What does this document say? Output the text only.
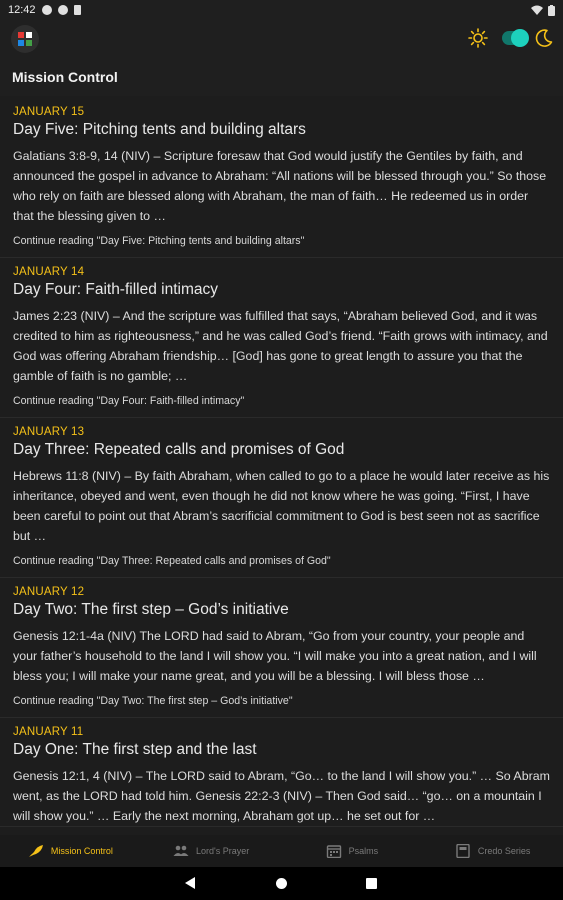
12:42
Mission Control
JANUARY 15
Day Five: Pitching tents and building altars
Galatians 3:8-9, 14 (NIV) – Scripture foresaw that God would justify the Gentiles by faith, and announced the gospel in advance to Abraham: “All nations will be blessed through you.” So those who rely on faith are blessed along with Abraham, the man of faith… He redeemed us in order that the blessing given to …
Continue reading "Day Five: Pitching tents and building altars"
JANUARY 14
Day Four: Faith-filled intimacy
James 2:23 (NIV) – And the scripture was fulfilled that says, “Abraham believed God, and it was credited to him as righteousness,” and he was called God’s friend. “Faith grows with intimacy, and God was offering Abraham friendship… [God] has gone to great length to assure you that the gamble of faith is no gamble; …
Continue reading "Day Four: Faith-filled intimacy"
JANUARY 13
Day Three: Repeated calls and promises of God
Hebrews 11:8 (NIV) – By faith Abraham, when called to go to a place he would later receive as his inheritance, obeyed and went, even though he did not know where he was going. “First, I have been careful to point out that Abram’s sacrificial commitment to God is best seen not as sacrifice but …
Continue reading "Day Three: Repeated calls and promises of God"
JANUARY 12
Day Two: The first step – God’s initiative
Genesis 12:1-4a (NIV) The LORD had said to Abram, “Go from your country, your people and your father’s household to the land I will show you. “I will make you into a great nation, and I will bless you; I will make your name great, and you will be a blessing. I will bless those …
Continue reading "Day Two: The first step – God’s initiative"
JANUARY 11
Day One: The first step and the last
Genesis 12:1, 4 (NIV) – The LORD said to Abram, “Go… to the land I will show you.” … So Abram went, as the LORD had told him. Genesis 22:2-3 (NIV) – Then God said… “go… on a mountain I will show you.” … Early the next morning, Abraham got up… he set out for …
Mission Control	Lord's Prayer	Psalms	Credo Series
